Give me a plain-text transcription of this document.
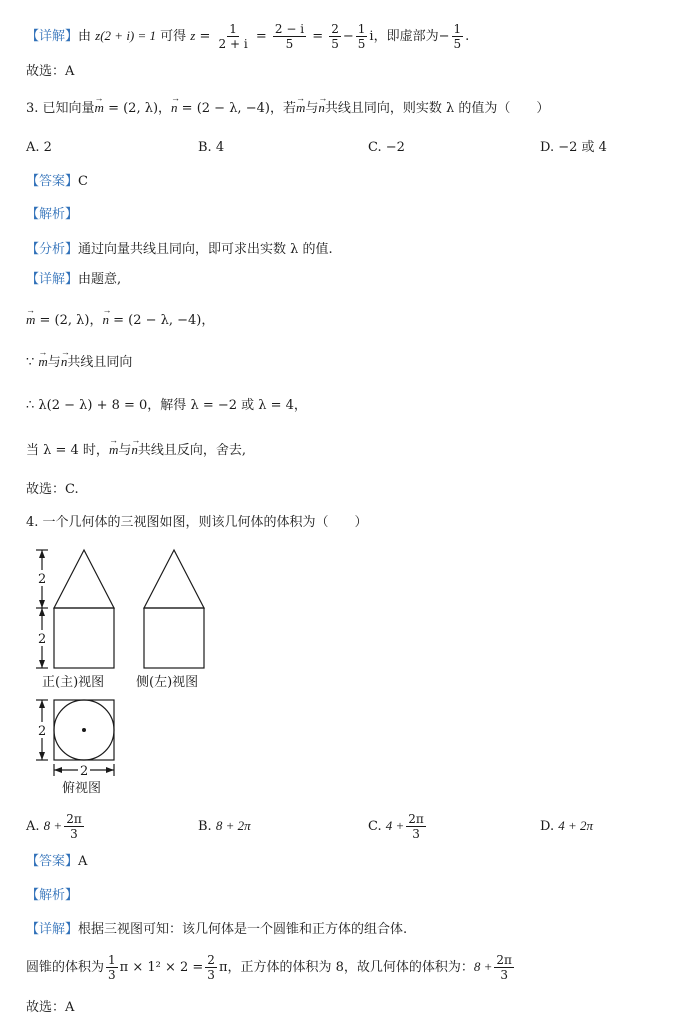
【详解】由 z(2 + i) = 1 可得 $z = \frac{1}{2 + i} = \frac{2 - i}{5} = \frac{2}{5} - \frac{1}{5}$ i，即虚部为− $\frac{1}{5}$ .
故选：A
3. 已知向量→ m = (2, λ)，→ n = (2 − λ, −4)，若→ m与→ n共线且同向，则实数 λ 的值为（　　）
A. 2	B. 4	C. −2	D. −2 或 4
【答案】C
【解析】
【分析】通过向量共线且同向，即可求出实数 λ 的值.
【详解】由题意,
→ m = (2, λ)，→ n = (2 − λ, −4)，
∵ → m与→ n共线且同向
∴ λ(2 − λ) + 8 = 0，解得 λ = −2 或 λ = 4，
当 λ = 4 时，→ m与→ n共线且反向，舍去,
故选：C.
4. 一个几何体的三视图如图，则该几何体的体积为（　　）
2
2
2
2
正(主)视图 侧(左)视图
俯视图
A. $8 + \frac{2\pi}{3}$	B. 8 + 2π	C. $4 + \frac{2\pi}{3}$	D. 4 + 2π
【答案】A
【解析】
【详解】根据三视图可知：该几何体是一个圆锥和正方体的组合体.
圆锥的体积为 $\frac{1}{3}$ $\pi \times 1^2 \times 2 = \frac{2}{3}$ π，正方体的体积为 8，故几何体的体积为：$8 + \frac{2\pi}{3}$
故选：A
